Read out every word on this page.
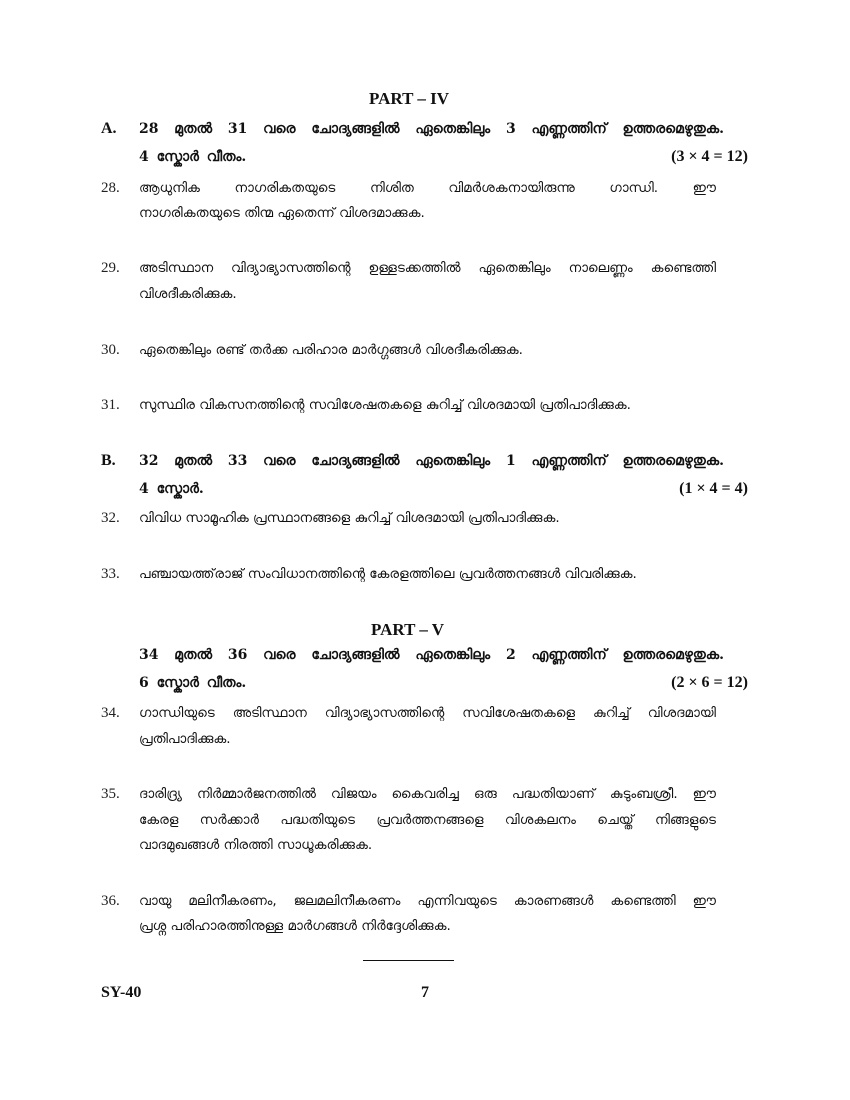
PART – IV
A. 28 മുതൽ 31 വരെ ചോദ്യങ്ങളിൽ ഏതെങ്കിലും 3 എണ്ണത്തിന് ഉത്തരമെഴുതുക.
4 സ്കോർ വീതം.	(3 × 4 = 12)
28. ആധുനിക നാഗരികതയുടെ നിശിത വിമർശകനായിരുന്നു ഗാന്ധി. ഈ
നാഗരികതയുടെ തിന്മ ഏതെന്ന് വിശദമാക്കുക.
29. അടിസ്ഥാന വിദ്യാഭ്യാസത്തിന്റെ ഉള്ളടക്കത്തിൽ ഏതെങ്കിലും നാലെണ്ണം കണ്ടെത്തി
വിശദീകരിക്കുക.
30. ഏതെങ്കിലും രണ്ട് തർക്ക പരിഹാര മാർഗ്ഗങ്ങൾ വിശദീകരിക്കുക.
31. സുസ്ഥിര വികസനത്തിന്റെ സവിശേഷതകളെ കുറിച്ച് വിശദമായി പ്രതിപാദിക്കുക.
B. 32 മുതൽ 33 വരെ ചോദ്യങ്ങളിൽ ഏതെങ്കിലും 1 എണ്ണത്തിന് ഉത്തരമെഴുതുക.
4 സ്കോർ.	(1 × 4 = 4)
32. വിവിധ സാമൂഹിക പ്രസ്ഥാനങ്ങളെ കുറിച്ച് വിശദമായി പ്രതിപാദിക്കുക.
33. പഞ്ചായത്ത്‌രാജ് സംവിധാനത്തിന്റെ കേരളത്തിലെ പ്രവർത്തനങ്ങൾ വിവരിക്കുക.
PART – V
34 മുതൽ 36 വരെ ചോദ്യങ്ങളിൽ ഏതെങ്കിലും 2 എണ്ണത്തിന് ഉത്തരമെഴുതുക.
6 സ്കോർ വീതം.	(2 × 6 = 12)
34. ഗാന്ധിയുടെ അടിസ്ഥാന വിദ്യാഭ്യാസത്തിന്റെ സവിശേഷതകളെ കുറിച്ച് വിശദമായി
പ്രതിപാദിക്കുക.
35. ദാരിദ്ര്യ നിർമ്മാർജനത്തിൽ വിജയം കൈവരിച്ച ഒരു പദ്ധതിയാണ് കുടുംബശ്രീ. ഈ
കേരള സർക്കാർ പദ്ധതിയുടെ പ്രവർത്തനങ്ങളെ വിശകലനം ചെയ്ത് നിങ്ങളുടെ
വാദമുഖങ്ങൾ നിരത്തി സാധൂകരിക്കുക.
36. വായു മലിനീകരണം, ജലമലിനീകരണം എന്നിവയുടെ കാരണങ്ങൾ കണ്ടെത്തി ഈ
പ്രശ്ന പരിഹാരത്തിനുള്ള മാർഗങ്ങൾ നിർദ്ദേശിക്കുക.
SY-40	7
